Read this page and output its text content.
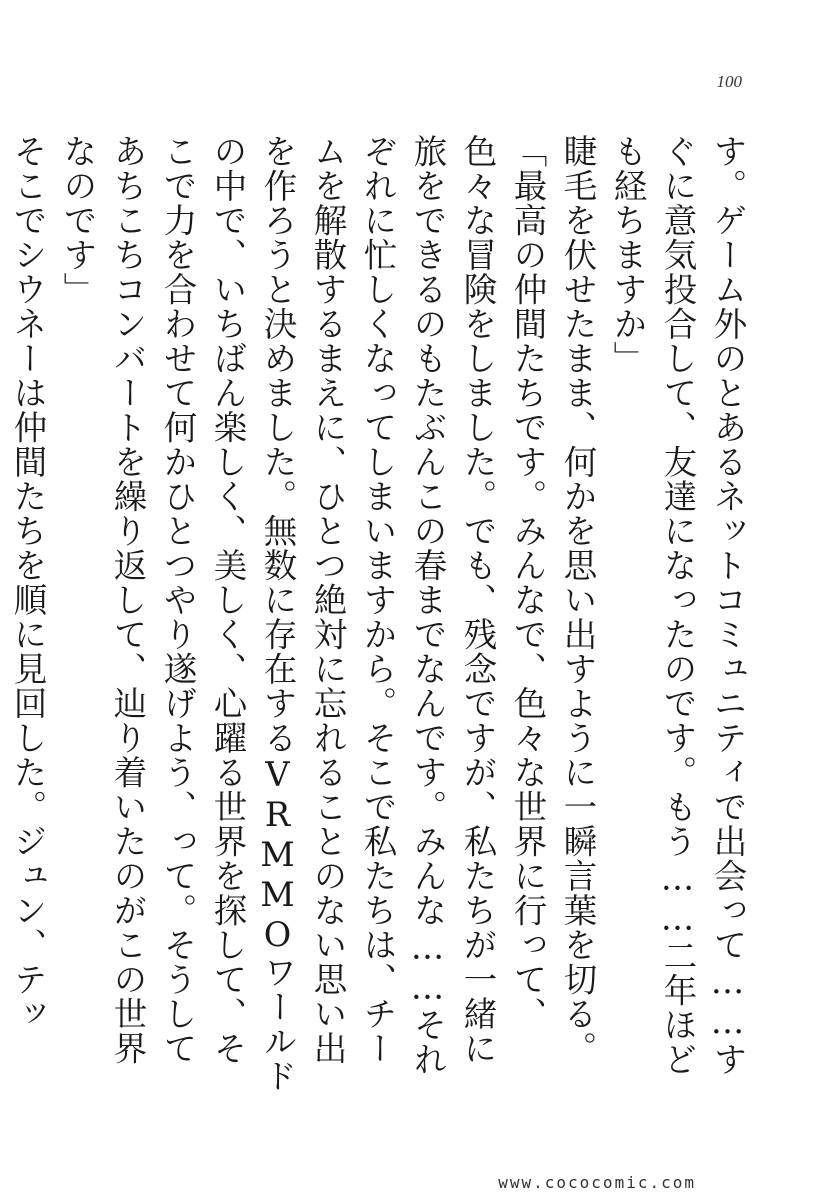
100

す。ゲーム外のとあるネットコミュニティで出会って……すぐに意気投合して、友達になったのです。もう……二年ほども経ちますか」

睫毛を伏せたまま、何かを思い出すように一瞬言葉を切る。

「最高の仲間たちです。みんなで、色々な世界に行って、色々な冒険をしました。でも、残念ですが、私たちが一緒に旅をできるのもたぶんこの春までなんです。みんな……それぞれに忙しくなってしまいますから。そこで私たちは、チームを解散するまえに、ひとつ絶対に忘れることのない思い出を作ろうと決めました。無数に存在するVRMMOワールドの中で、いちばん楽しく、美しく、心躍る世界を探して、そこで力を合わせて何かひとつやり遂げよう、って。そうしてあちこちコンバートを繰り返して、辿り着いたのがこの世界なのです」

そこでシウネーは仲間たちを順に見回した。ジュン、テッ

www.cococomic.com
